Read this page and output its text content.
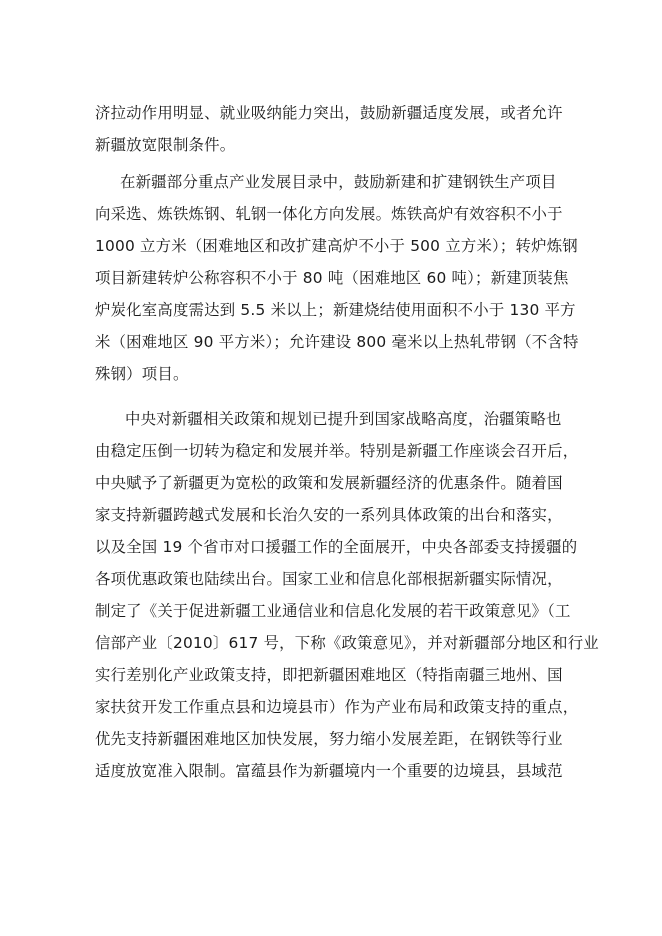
济拉动作用明显、就业吸纳能力突出，鼓励新疆适度发展，或者允许
新疆放宽限制条件。
在新疆部分重点产业发展目录中，鼓励新建和扩建钢铁生产项目
向采选、炼铁炼钢、轧钢一体化方向发展。炼铁高炉有效容积不小于
1000 立方米（困难地区和改扩建高炉不小于 500 立方米）；转炉炼钢
项目新建转炉公称容积不小于 80 吨（困难地区 60 吨）；新建顶装焦
炉炭化室高度需达到 5.5 米以上；新建烧结使用面积不小于 130 平方
米（困难地区 90 平方米）；允许建设 800 毫米以上热轧带钢（不含特
殊钢）项目。
中央对新疆相关政策和规划已提升到国家战略高度，治疆策略也
由稳定压倒一切转为稳定和发展并举。特别是新疆工作座谈会召开后，
中央赋予了新疆更为宽松的政策和发展新疆经济的优惠条件。随着国
家支持新疆跨越式发展和长治久安的一系列具体政策的出台和落实，
以及全国 19 个省市对口援疆工作的全面展开，中央各部委支持援疆的
各项优惠政策也陆续出台。国家工业和信息化部根据新疆实际情况，
制定了《关于促进新疆工业通信业和信息化发展的若干政策意见》（工
信部产业〔2010〕617 号，下称《政策意见》，并对新疆部分地区和行业
实行差别化产业政策支持，即把新疆困难地区（特指南疆三地州、国
家扶贫开发工作重点县和边境县市）作为产业布局和政策支持的重点，
优先支持新疆困难地区加快发展，努力缩小发展差距，在钢铁等行业
适度放宽准入限制。富蕴县作为新疆境内一个重要的边境县，县域范
